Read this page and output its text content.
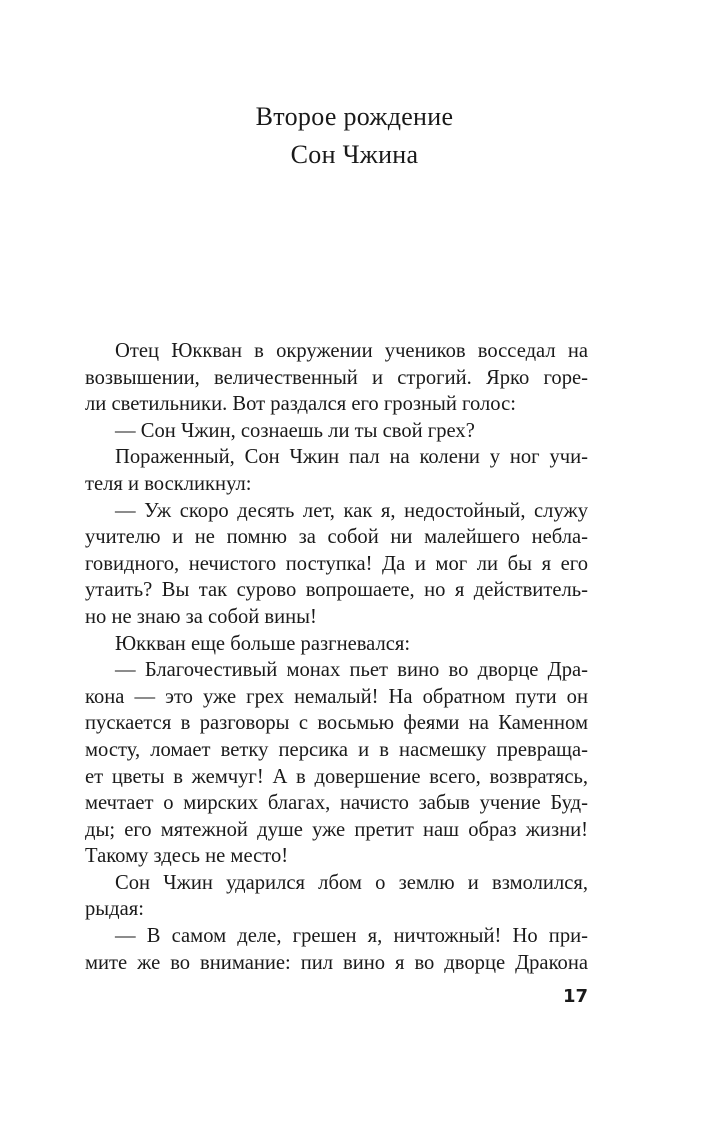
Второе рождение
Сон Чжина
Отец Юккван в окружении учеников восседал на
возвышении, величественный и строгий. Ярко горе-
ли светильники. Вот раздался его грозный голос:
— Сон Чжин, сознаешь ли ты свой грех?
Пораженный, Сон Чжин пал на колени у ног учи-
теля и воскликнул:
— Уж скоро десять лет, как я, недостойный, служу
учителю и не помню за собой ни малейшего небла-
говидного, нечистого поступка! Да и мог ли бы я его
утаить? Вы так сурово вопрошаете, но я действитель-
но не знаю за собой вины!
Юккван еще больше разгневался:
— Благочестивый монах пьет вино во дворце Дра-
кона — это уже грех немалый! На обратном пути он
пускается в разговоры с восьмью феями на Каменном
мосту, ломает ветку персика и в насмешку превраща-
ет цветы в жемчуг! А в довершение всего, возвратясь,
мечтает о мирских благах, начисто забыв учение Буд-
ды; его мятежной душе уже претит наш образ жизни!
Такому здесь не место!
Сон Чжин ударился лбом о землю и взмолился,
рыдая:
— В самом деле, грешен я, ничтожный! Но при-
мите же во внимание: пил вино я во дворце Дракона
17
